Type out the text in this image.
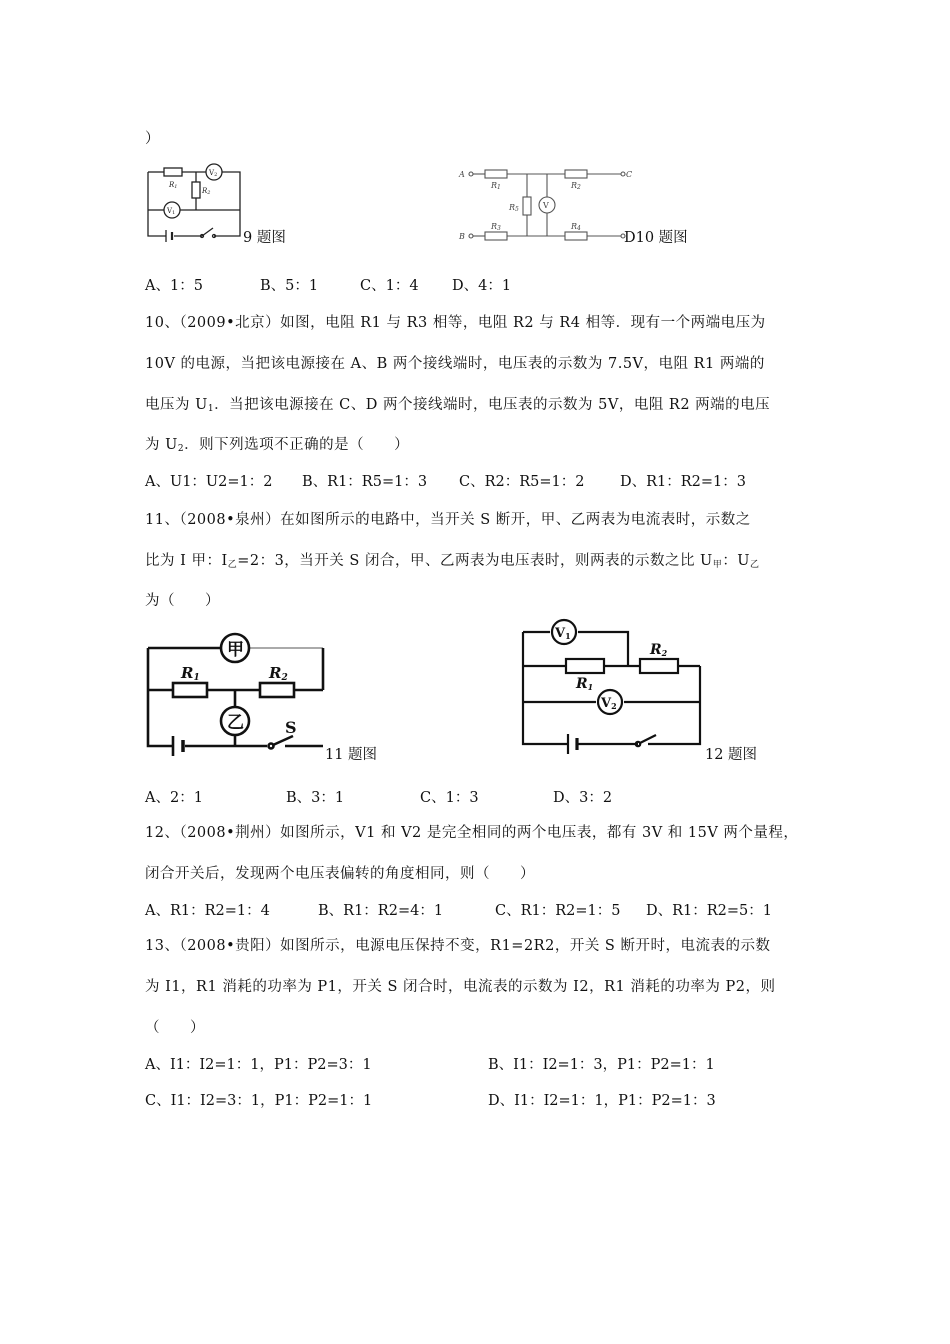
）
R1	R2
V2
V1
9 题图
A
B
C
R1	R2
R3	R4
R5	V
D10 题图
A、1：5	B、5：1	C、1：4 D、4：1
10、（2009•北京）如图，电阻 R1 与 R3 相等，电阻 R2 与 R4 相等．现有一个两端电压为
10V 的电源，当把该电源接在 A、B 两个接线端时，电压表的示数为 7.5V，电阻 R1 两端的
电压为 $U_1$．当把该电源接在 C、D 两个接线端时，电压表的示数为 5V，电阻 R2 两端的电压
为 $U_2$．则下列选项不正确的是（　　）
A、U1：U2=1：2 B、R1：R5=1：3 C、R2：R5=1：2 D、R1：R2=1：3
11、（2008•泉州）在如图所示的电路中，当开关 S 断开，甲、乙两表为电流表时，示数之
比为 I 甲：$I_乙=2$：3，当开关 S 闭合，甲、乙两表为电压表时，则两表的示数之比 $U_甲$：$U_乙$
为（　　）
甲
乙
R1	R2
S
11 题图
V1
V2
R1
R2
12 题图
A、2：1	B、3：1	C、1：3	D、3：2
12、（2008•荆州）如图所示，V1 和 V2 是完全相同的两个电压表，都有 3V 和 15V 两个量程，
闭合开关后，发现两个电压表偏转的角度相同，则（　　）
A、R1：R2=1：4	B、R1：R2=4：1	C、R1：R2=1：5 D、R1：R2=5：1
13、（2008•贵阳）如图所示，电源电压保持不变，R1=2R2，开关 S 断开时，电流表的示数
为 I1，R1 消耗的功率为 P1，开关 S 闭合时，电流表的示数为 I2，R1 消耗的功率为 P2，则
（　　）
A、I1：I2=1：1，P1：P2=3：1	B、I1：I2=1：3，P1：P2=1：1
C、I1：I2=3：1，P1：P2=1：1	D、I1：I2=1：1，P1：P2=1：3
